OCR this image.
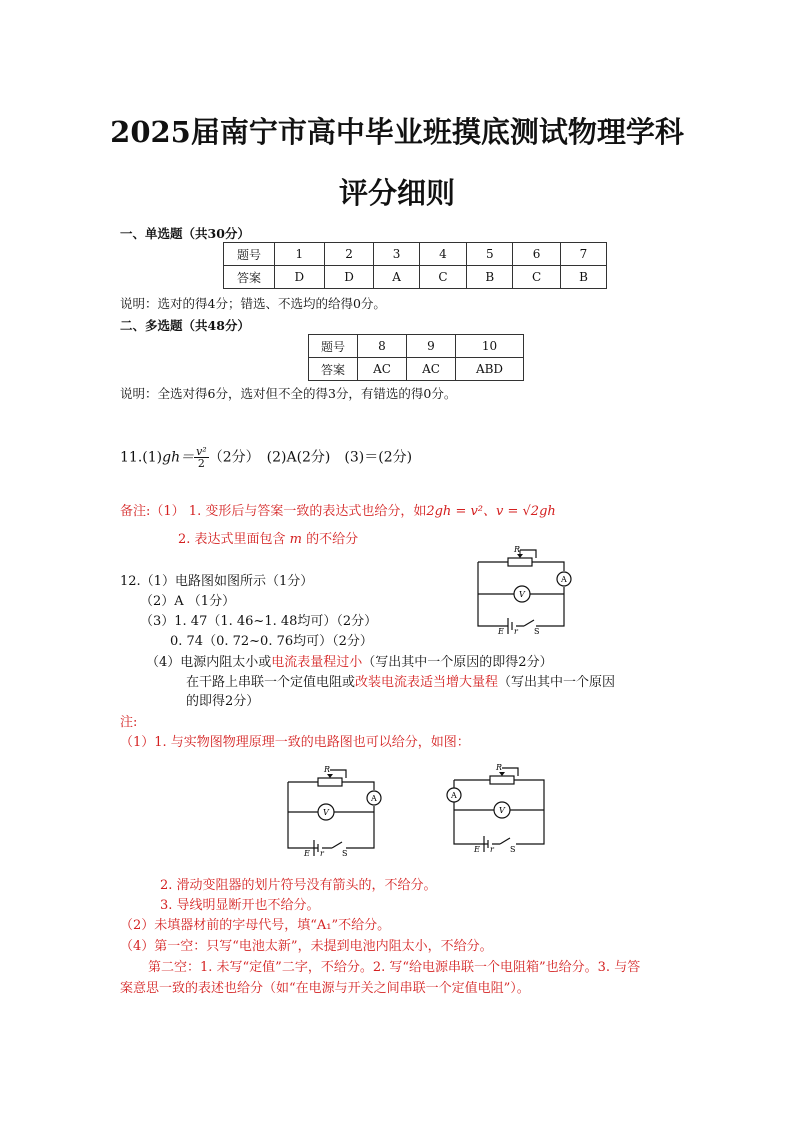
2025届南宁市高中毕业班摸底测试物理学科
评分细则
一、单选题（共30分）
题号	1	2	3	4	5	6	7
答案	D	D	A	C	B	C	B
说明：选对的得4分；错选、不选均的给得0分。
二、多选题（共48分）
题号	8	9	10
答案	AC	AC	ABD
说明：全选对得6分，选对但不全的得3分，有错选的得0分。
$11.(1)gh= \frac{\text{v²}}{2} (2$分）　(2)A(2分)　(3)＝(2分)
备注:（1） 1. 变形后与答案一致的表达式也给分，如2gh = v²、v = √2gh
2. 表达式里面包含 m 的不给分
12.（1）电路图如图所示（1分）
（2）A （1分）
（3）1. 47（1. 46~1. 48均可）（2分）
0. 74（0. 72~0. 76均可）（2分）
（4）电源内阻太小或电流表量程过小（写出其中一个原因的即得2分）
在干路上串联一个定值电阻或改装电流表适当增大量程（写出其中一个原因
的即得2分）
R
A
V
E r S
注:
（1）1. 与实物图物理原理一致的电路图也可以给分，如图：
R
A
V
E r S
R
A
V
E r S
2. 滑动变阻器的划片符号没有箭头的，不给分。
3. 导线明显断开也不给分。
（2）未填器材前的字母代号，填“A₁”不给分。
（4）第一空：只写“电池太新”，未提到电池内阻太小，不给分。
第二空：1. 未写“定值”二字，不给分。2. 写“给电源串联一个电阻箱”也给分。3. 与答
案意思一致的表述也给分（如“在电源与开关之间串联一个定值电阻”）。
